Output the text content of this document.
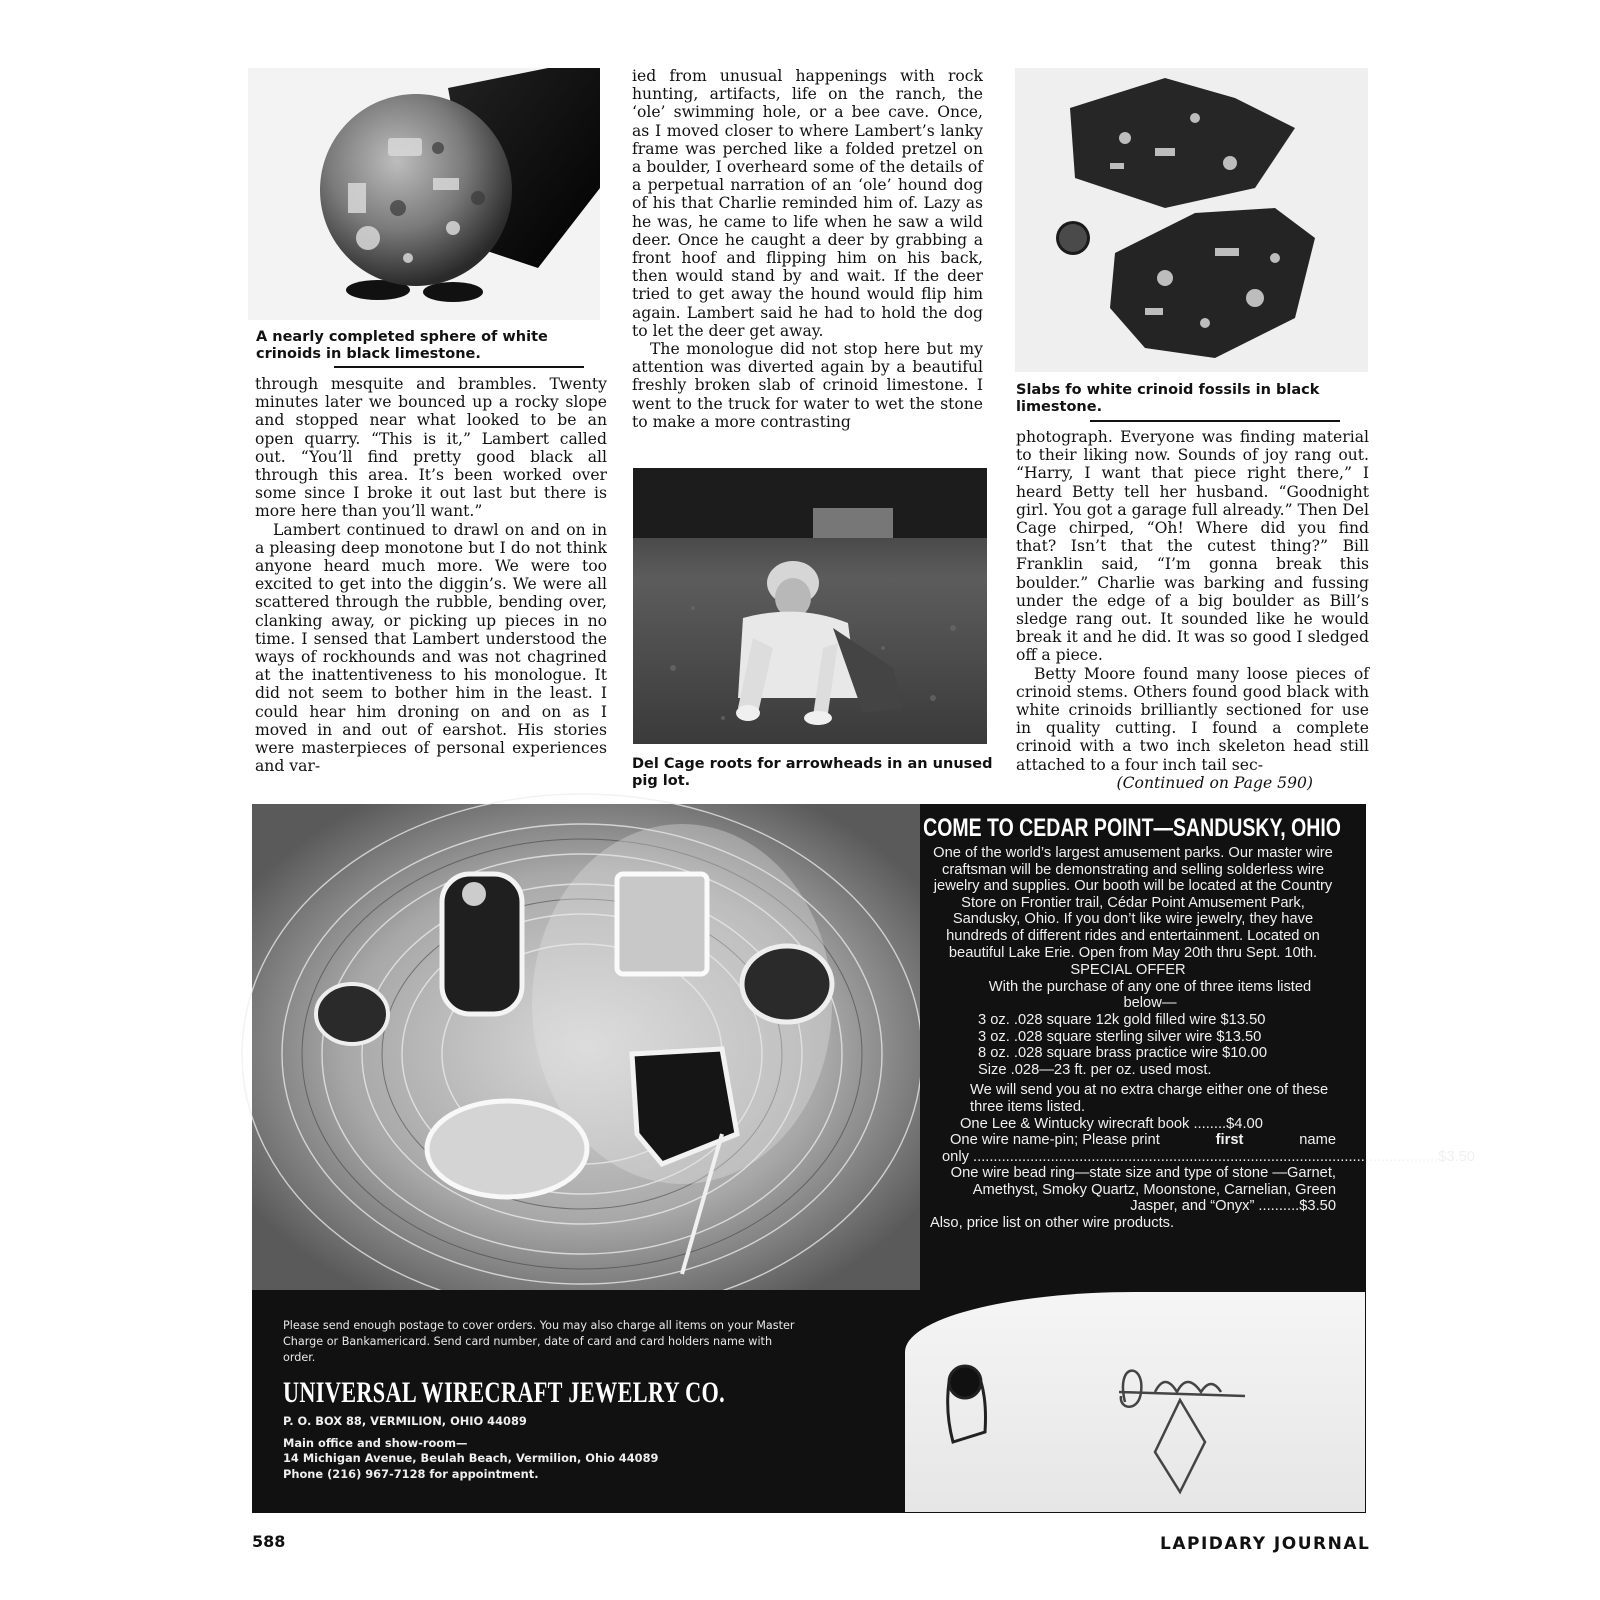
A nearly completed sphere of white crinoids in black limestone.

through mesquite and brambles. Twenty minutes later we bounced up a rocky slope and stopped near what looked to be an open quarry. “This is it,” Lambert called out. “You’ll find pretty good black all through this area. It’s been worked over some since I broke it out last but there is more here than you’ll want.”

Lambert continued to drawl on and on in a pleasing deep monotone but I do not think anyone heard much more. We were too excited to get into the diggin’s. We were all scattered through the rubble, bending over, clanking away, or picking up pieces in no time. I sensed that Lambert understood the ways of rockhounds and was not chagrined at the inattentiveness to his monologue. It did not seem to bother him in the least. I could hear him droning on and on as I moved in and out of earshot. His stories were masterpieces of personal experiences and var-

ied from unusual happenings with rock hunting, artifacts, life on the ranch, the ‘ole’ swimming hole, or a bee cave. Once, as I moved closer to where Lambert’s lanky frame was perched like a folded pretzel on a boulder, I overheard some of the details of a perpetual narration of an ‘ole’ hound dog of his that Charlie reminded him of. Lazy as he was, he came to life when he saw a wild deer. Once he caught a deer by grabbing a front hoof and flipping him on his back, then would stand by and wait. If the deer tried to get away the hound would flip him again. Lambert said he had to hold the dog to let the deer get away.

The monologue did not stop here but my attention was diverted again by a beautiful freshly broken slab of crinoid limestone. I went to the truck for water to wet the stone to make a more contrasting

Del Cage roots for arrowheads in an unused pig lot.
Slabs fo white crinoid fossils in black limestone.

photograph. Everyone was finding material to their liking now. Sounds of joy rang out. “Harry, I want that piece right there,” I heard Betty tell her husband. “Goodnight girl. You got a garage full already.” Then Del Cage chirped, “Oh! Where did you find that? Isn’t that the cutest thing?” Bill Franklin said, “I’m gonna break this boulder.” Charlie was barking and fussing under the edge of a big boulder as Bill’s sledge rang out. It sounded like he would break it and he did. It was so good I sledged off a piece.

Betty Moore found many loose pieces of crinoid stems. Others found good black with white crinoids brilliantly sectioned for use in quality cutting. I found a complete crinoid with a two inch skeleton head still attached to a four inch tail sec-

(Continued on Page 590)

COME TO CEDAR POINT—SANDUSKY, OHIO
One of the world’s largest amusement parks. Our master wire craftsman will be demonstrating and selling solderless wire jewelry and supplies. Our booth will be located at the Country Store on Frontier trail, Cédar Point Amusement Park, Sandusky, Ohio. If you don’t like wire jewelry, they have hundreds of different rides and entertainment. Located on beautiful Lake Erie. Open from May 20th thru Sept. 10th.
SPECIAL OFFER
With the purchase of any one of three items listed below—
3 oz. .028 square 12k gold filled wire $13.50
3 oz. .028 square sterling silver wire $13.50
8 oz. .028 square brass practice wire $10.00
Size .028—23 ft. per oz. used most.
We will send you at no extra charge either one of these three items listed.
One Lee & Wintucky wirecraft book ........$4.00
One wire name-pin; Please print	first	name
only .................................................................................................................. $3.50
One wire bead ring—state size and type of stone —Garnet, Amethyst, Smoky Quartz, Moonstone, Carnelian, Green Jasper, and “Onyx” ..........$3.50
Also, price list on other wire products.
Janet
Please send enough postage to cover orders. You may also charge all items on your Master Charge or Bankamericard. Send card number, date of card and card holders name with order.
UNIVERSAL WIRECRAFT JEWELRY CO.
P. O. BOX 88, VERMILION, OHIO 44089
Main office and show-room—
14 Michigan Avenue, Beulah Beach, Vermilion, Ohio 44089
Phone (216) 967-7128 for appointment.
588	LAPIDARY JOURNAL
